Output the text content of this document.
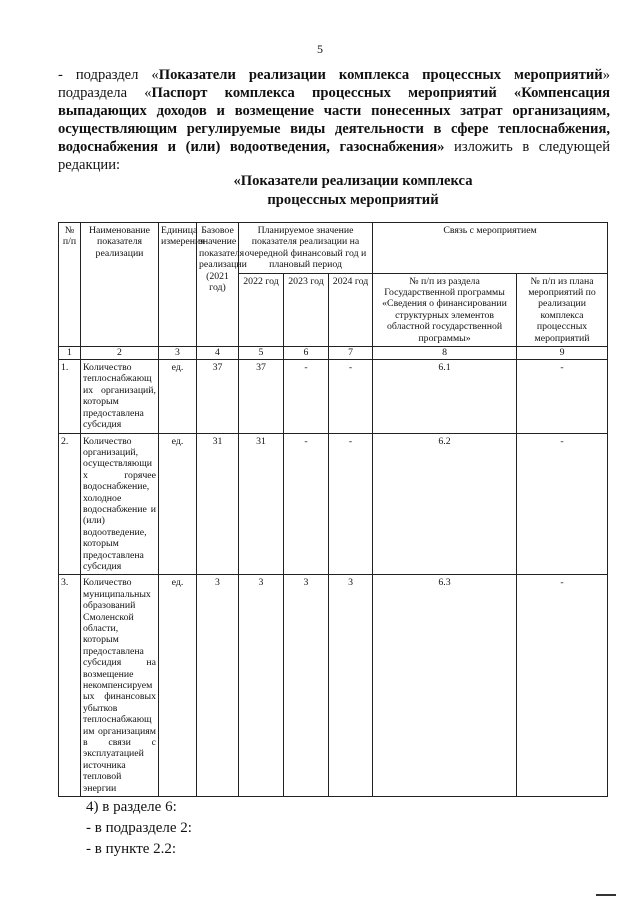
5
- подраздел «Показатели реализации комплекса процессных мероприятий» подраздела «Паспорт комплекса процессных мероприятий «Компенсация выпадающих доходов и возмещение части понесенных затрат организациям, осуществляющим регулируемые виды деятельности в сфере теплоснабжения, водоснабжения и (или) водоотведения, газоснабжения» изложить в следующей редакции:
«Показатели реализации комплекса
процессных мероприятий
№ п/п	Наименование показателя реализации	Единица измерения	Базовое значение показателя реализации (2021 год)	Планируемое значение показателя реализации на очередной финансовый год и плановый период			Связь с мероприятием	
				2022 год	2023 год	2024 год	№ п/п из раздела Государственной программы «Сведения о финансировании структурных элементов областной государственной программы»	№ п/п из плана мероприятий по реализации комплекса процессных мероприятий
1	2	3	4	5	6	7	8	9
1.	Количество теплоснабжающих организаций, которым предоставлена субсидия	ед.	37	37	-	-	6.1	-
2.	Количество организаций, осуществляющих горячее водоснабжение, холодное водоснабжение и (или) водоотведение, которым предоставлена субсидия	ед.	31	31	-	-	6.2	-
3.	Количество муниципальных образований Смоленской области, которым предоставлена субсидия на возмещение некомпенсируемых финансовых убытков теплоснабжающим организациям в связи с эксплуатацией источника тепловой энергии	ед.	3	3	3	3	6.3	-
4) в разделе 6:
- в подразделе 2:
- в пункте 2.2:
